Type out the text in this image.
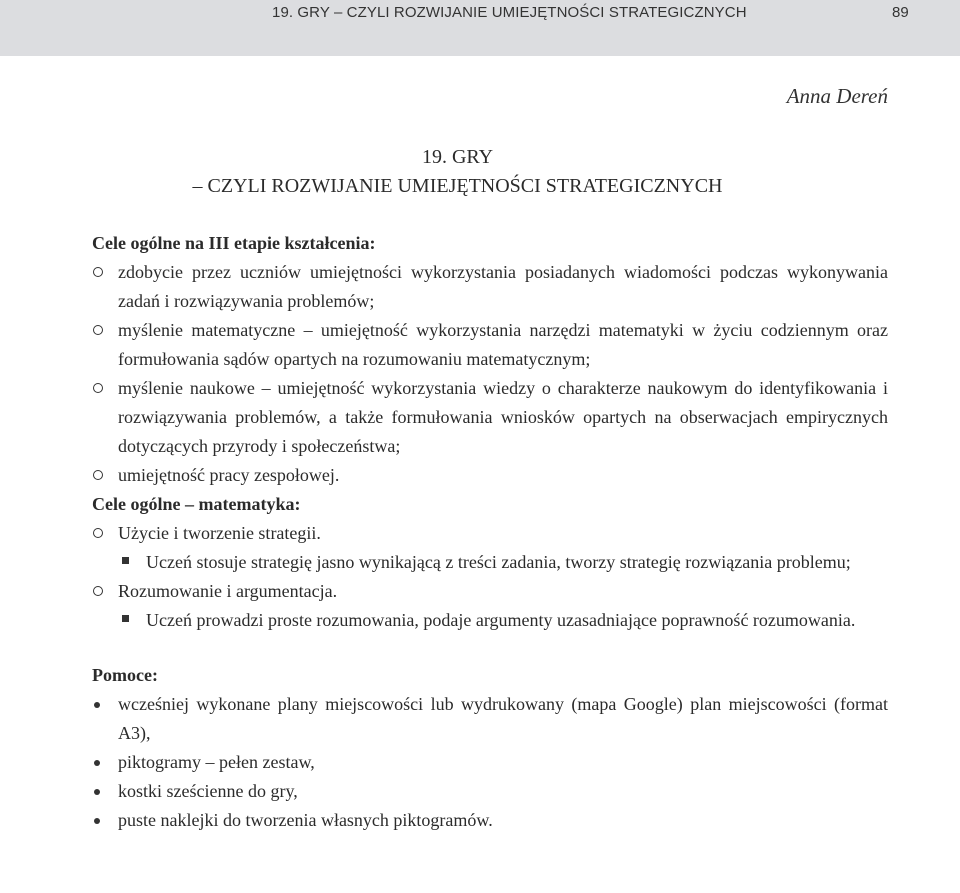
19. GRY – CZYLI ROZWIJANIE UMIEJĘTNOŚCI STRATEGICZNYCH	89
Anna Dereń
19. GRY
– CZYLI ROZWIJANIE UMIEJĘTNOŚCI STRATEGICZNYCH
Cele ogólne na III etapie kształcenia:
zdobycie przez uczniów umiejętności wykorzystania posiadanych wiadomości podczas wykonywania zadań i rozwiązywania problemów;
myślenie matematyczne – umiejętność wykorzystania narzędzi matematyki w życiu codziennym oraz formułowania sądów opartych na rozumowaniu matematycznym;
myślenie naukowe – umiejętność wykorzystania wiedzy o charakterze naukowym do identyfikowania i rozwiązywania problemów, a także formułowania wniosków opartych na obserwacjach empirycznych dotyczących przyrody i społeczeństwa;
umiejętność pracy zespołowej.
Cele ogólne – matematyka:
Użycie i tworzenie strategii.
Uczeń stosuje strategię jasno wynikającą z treści zadania, tworzy strategię rozwiązania problemu;
Rozumowanie i argumentacja.
Uczeń prowadzi proste rozumowania, podaje argumenty uzasadniające poprawność rozumowania.
Pomoce:
wcześniej wykonane plany miejscowości lub wydrukowany (mapa Google) plan miejscowości (format A3),
piktogramy – pełen zestaw,
kostki sześcienne do gry,
puste naklejki do tworzenia własnych piktogramów.
